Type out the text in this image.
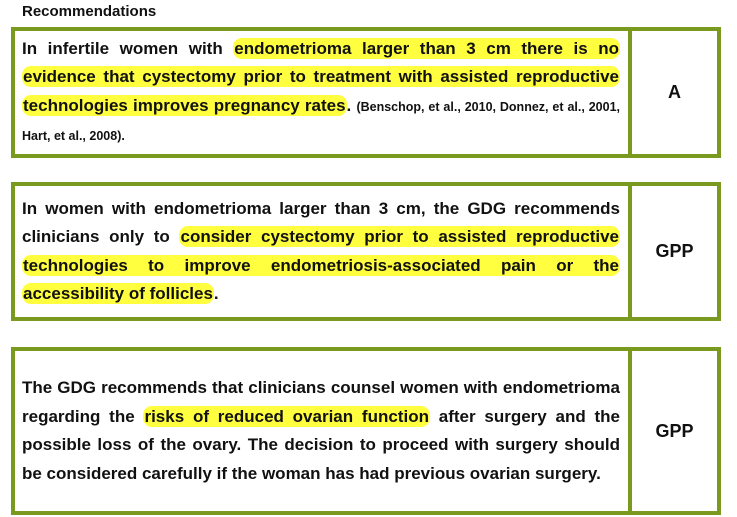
Recommendations

In infertile women with endometrioma larger than 3 cm there is no evidence that cystectomy prior to treatment with assisted reproductive technologies improves pregnancy rates. (Benschop, et al., 2010, Donnez, et al., 2001, Hart, et al., 2008).

A

In women with endometrioma larger than 3 cm, the GDG recommends clinicians only to consider cystectomy prior to assisted reproductive technologies to improve endometriosis-associated pain or the accessibility of follicles.

GPP

The GDG recommends that clinicians counsel women with endometrioma regarding the risks of reduced ovarian function after surgery and the possible loss of the ovary. The decision to proceed with surgery should be considered carefully if the woman has had previous ovarian surgery.

GPP
